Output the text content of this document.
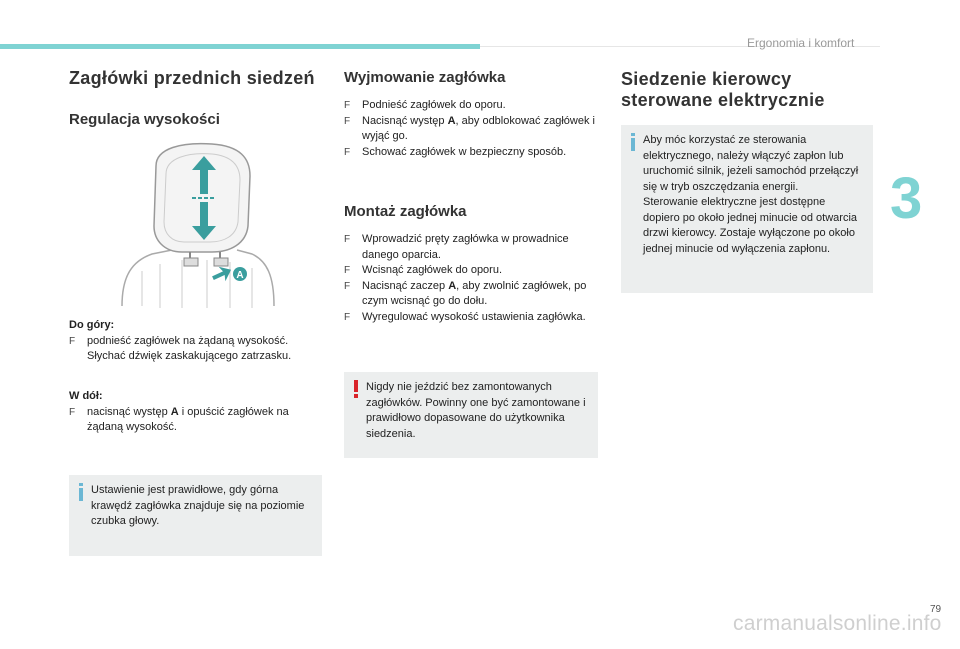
Ergonomia i komfort
3
Zagłówki przednich siedzeń
Regulacja wysokości
A

Do góry:

F podnieść zagłówek na żądaną wysokość. Słychać dźwięk zaskakującego zatrzasku.

W dół:

F nacisnąć występ A i opuścić zagłówek na żądaną wysokość.
Ustawienie jest prawidłowe, gdy górna krawędź zagłówka znajduje się na poziomie czubka głowy.
Wyjmowanie zagłówka
F Podnieść zagłówek do oporu.
F Nacisnąć występ A, aby odblokować zagłówek i wyjąć go.
F Schować zagłówek w bezpieczny sposób.
Montaż zagłówka
F Wprowadzić pręty zagłówka w prowadnice danego oparcia.
F Wcisnąć zagłówek do oporu.
F Nacisnąć zaczep A, aby zwolnić zagłówek, po czym wcisnąć go do dołu.
F Wyregulować wysokość ustawienia zagłówka.
Nigdy nie jeździć bez zamontowanych zagłówków. Powinny one być zamontowane i prawidłowo dopasowane do użytkownika siedzenia.
Siedzenie kierowcy sterowane elektrycznie
Aby móc korzystać ze sterowania elektrycznego, należy włączyć zapłon lub uruchomić silnik, jeżeli samochód przełączył się w tryb oszczędzania energii.
Sterowanie elektryczne jest dostępne dopiero po około jednej minucie od otwarcia drzwi kierowcy. Zostaje wyłączone po około jednej minucie od wyłączenia zapłonu.
79
carmanualsonline.info
